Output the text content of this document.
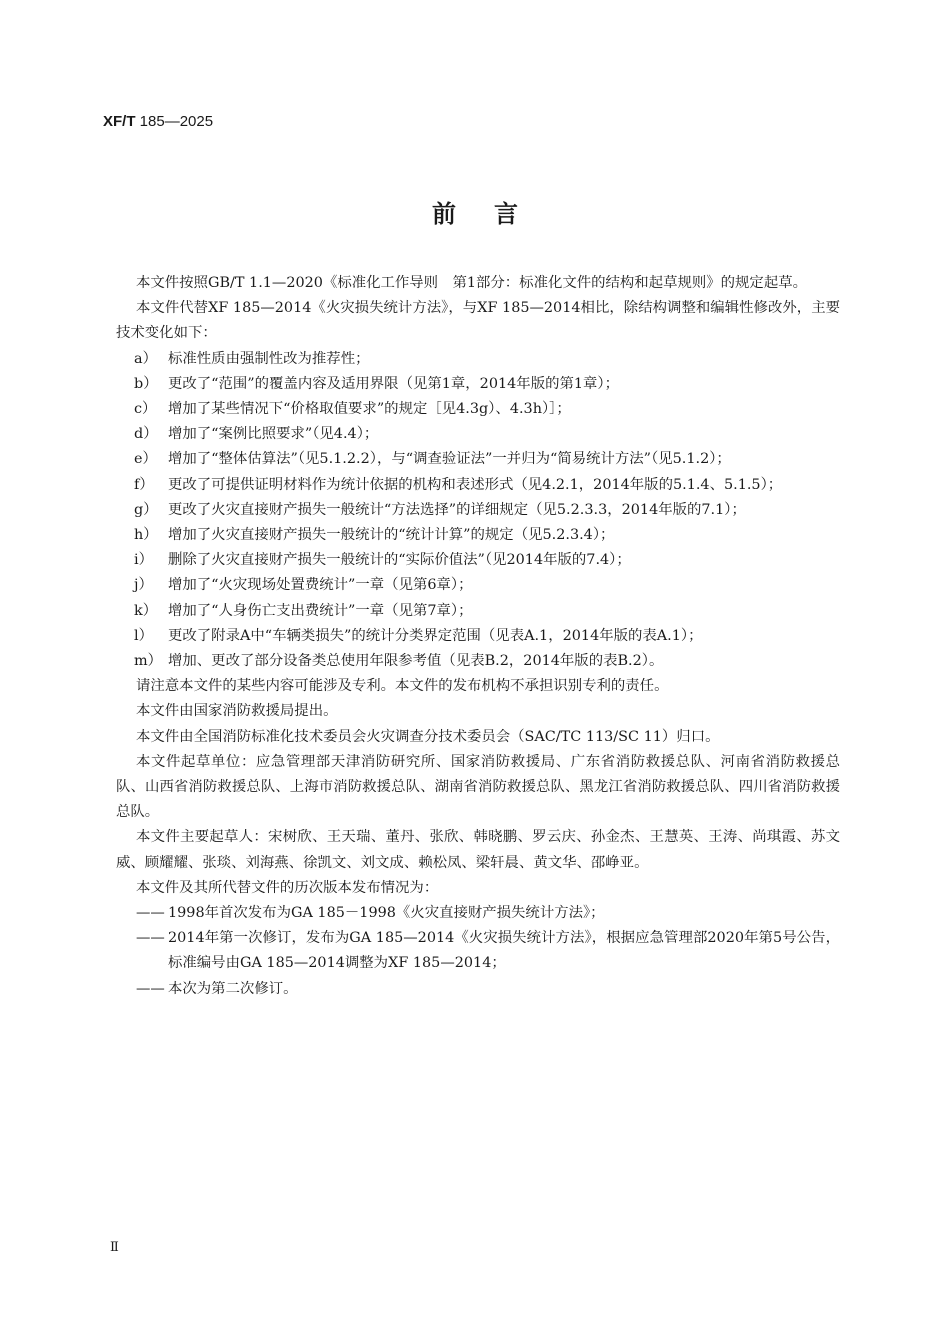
XF/T 185—2025
前言

本文件按照GB/T 1.1—2020《标准化工作导则　第1部分：标准化文件的结构和起草规则》的规定起草。

本文件代替XF 185—2014《火灾损失统计方法》，与XF 185—2014相比，除结构调整和编辑性修改外，主要技术变化如下：

a） 标准性质由强制性改为推荐性；
b） 更改了“范围”的覆盖内容及适用界限（见第1章，2014年版的第1章）；
c） 增加了某些情况下“价格取值要求”的规定［见4.3g）、4.3h）］；
d） 增加了“案例比照要求”（见4.4）；
e） 增加了“整体估算法”（见5.1.2.2），与“调查验证法”一并归为“简易统计方法”（见5.1.2）；
f） 更改了可提供证明材料作为统计依据的机构和表述形式（见4.2.1，2014年版的5.1.4、5.1.5）；
g） 更改了火灾直接财产损失一般统计“方法选择”的详细规定（见5.2.3.3，2014年版的7.1）；
h） 增加了火灾直接财产损失一般统计的“统计计算”的规定（见5.2.3.4）；
i）	删除了火灾直接财产损失一般统计的“实际价值法”（见2014年版的7.4）；
j）	增加了“火灾现场处置费统计”一章（见第6章）；
k） 增加了“人身伤亡支出费统计”一章（见第7章）；
l）	更改了附录A中“车辆类损失”的统计分类界定范围（见表A.1，2014年版的表A.1）；
m） 增加、更改了部分设备类总使用年限参考值（见表B.2，2014年版的表B.2）。

请注意本文件的某些内容可能涉及专利。本文件的发布机构不承担识别专利的责任。

本文件由国家消防救援局提出。

本文件由全国消防标准化技术委员会火灾调查分技术委员会（SAC/TC 113/SC 11）归口。

本文件起草单位：应急管理部天津消防研究所、国家消防救援局、广东省消防救援总队、河南省消防救援总队、山西省消防救援总队、上海市消防救援总队、湖南省消防救援总队、黑龙江省消防救援总队、四川省消防救援总队。

本文件主要起草人：宋树欣、王天瑞、董丹、张欣、韩晓鹏、罗云庆、孙金杰、王慧英、王涛、尚琪霞、苏文威、顾耀耀、张琰、刘海燕、徐凯文、刘文成、赖松凤、梁轩晨、黄文华、邵峥亚。

本文件及其所代替文件的历次版本发布情况为：

—— 1998年首次发布为GA 185－1998《火灾直接财产损失统计方法》；
—— 2014年第一次修订，发布为GA 185—2014《火灾损失统计方法》，根据应急管理部2020年第5号公告，标准编号由GA 185—2014调整为XF 185—2014；
—— 本次为第二次修订。
Ⅱ
